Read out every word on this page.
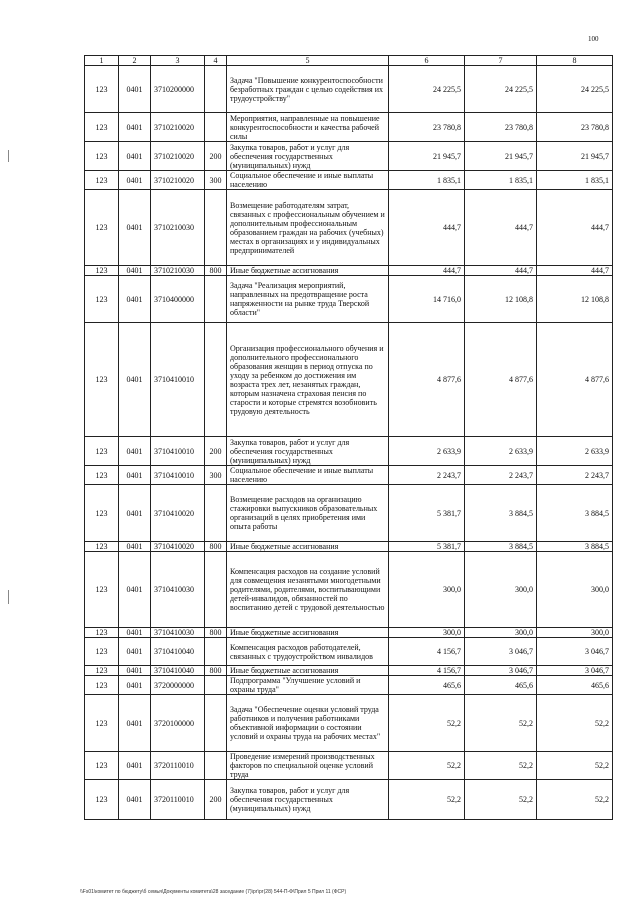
100
1	2	3	4	5	6	7	8
123	0401	3710200000		Задача "Повышение конкурентоспособности безработных граждан с целью содействия их трудоустройству"	24 225,5	24 225,5	24 225,5
123	0401	3710210020		Мероприятия, направленные на повышение конкурентоспособности и качества рабочей силы	23 780,8	23 780,8	23 780,8
123	0401	3710210020	200	Закупка товаров, работ и услуг для обеспечения государственных (муниципальных) нужд	21 945,7	21 945,7	21 945,7
123	0401	3710210020	300	Социальное обеспечение и иные выплаты населению	1 835,1	1 835,1	1 835,1
123	0401	3710210030		Возмещение работодателям затрат, связанных с профессиональным обучением и дополнительным профессиональным образованием граждан на рабочих (учебных) местах в организациях и у индивидуальных предпринимателей	444,7	444,7	444,7
123	0401	3710210030	800	Иные бюджетные ассигнования	444,7	444,7	444,7
123	0401	3710400000		Задача "Реализация мероприятий, направленных на предотвращение роста напряженности на рынке труда Тверской области"	14 716,0	12 108,8	12 108,8
123	0401	3710410010		Организация профессионального обучения и дополнительного профессионального образования женщин в период отпуска по уходу за ребенком до достижения им возраста трех лет, незанятых граждан, которым назначена страховая пенсия по старости и которые стремятся возобновить трудовую деятельность	4 877,6	4 877,6	4 877,6
123	0401	3710410010	200	Закупка товаров, работ и услуг для обеспечения государственных (муниципальных) нужд	2 633,9	2 633,9	2 633,9
123	0401	3710410010	300	Социальное обеспечение и иные выплаты населению	2 243,7	2 243,7	2 243,7
123	0401	3710410020		Возмещение расходов на организацию стажировки выпускников образовательных организаций в целях приобретения ими опыта работы	5 381,7	3 884,5	3 884,5
123	0401	3710410020	800	Иные бюджетные ассигнования	5 381,7	3 884,5	3 884,5
123	0401	3710410030		Компенсация расходов на создание условий для совмещения незанятыми многодетными родителями, родителями, воспитывающими детей-инвалидов, обязанностей по воспитанию детей с трудовой деятельностью	300,0	300,0	300,0
123	0401	3710410030	800	Иные бюджетные ассигнования	300,0	300,0	300,0
123	0401	3710410040		Компенсация расходов работодателей, связанных с трудоустройством инвалидов	4 156,7	3 046,7	3 046,7
123	0401	3710410040	800	Иные бюджетные ассигнования	4 156,7	3 046,7	3 046,7
123	0401	3720000000		Подпрограмма "Улучшение условий и охраны труда"	465,6	465,6	465,6
123	0401	3720100000		Задача "Обеспечение оценки условий труда работников и получения работниками объективной информации о состоянии условий и охраны труда на рабочих местах"	52,2	52,2	52,2
123	0401	3720110010		Проведение измерений производственных факторов по специальной оценке условий труда	52,2	52,2	52,2
123	0401	3720110010	200	Закупка товаров, работ и услуг для обеспечения государственных (муниципальных) нужд	52,2	52,2	52,2
\\Fs01\комитет по бюджету\б семья\Документы комитета\28 заседание (7)\рг\рг(28) 544-П-Ф\Прил 5 Прил 11 (ФСР)
